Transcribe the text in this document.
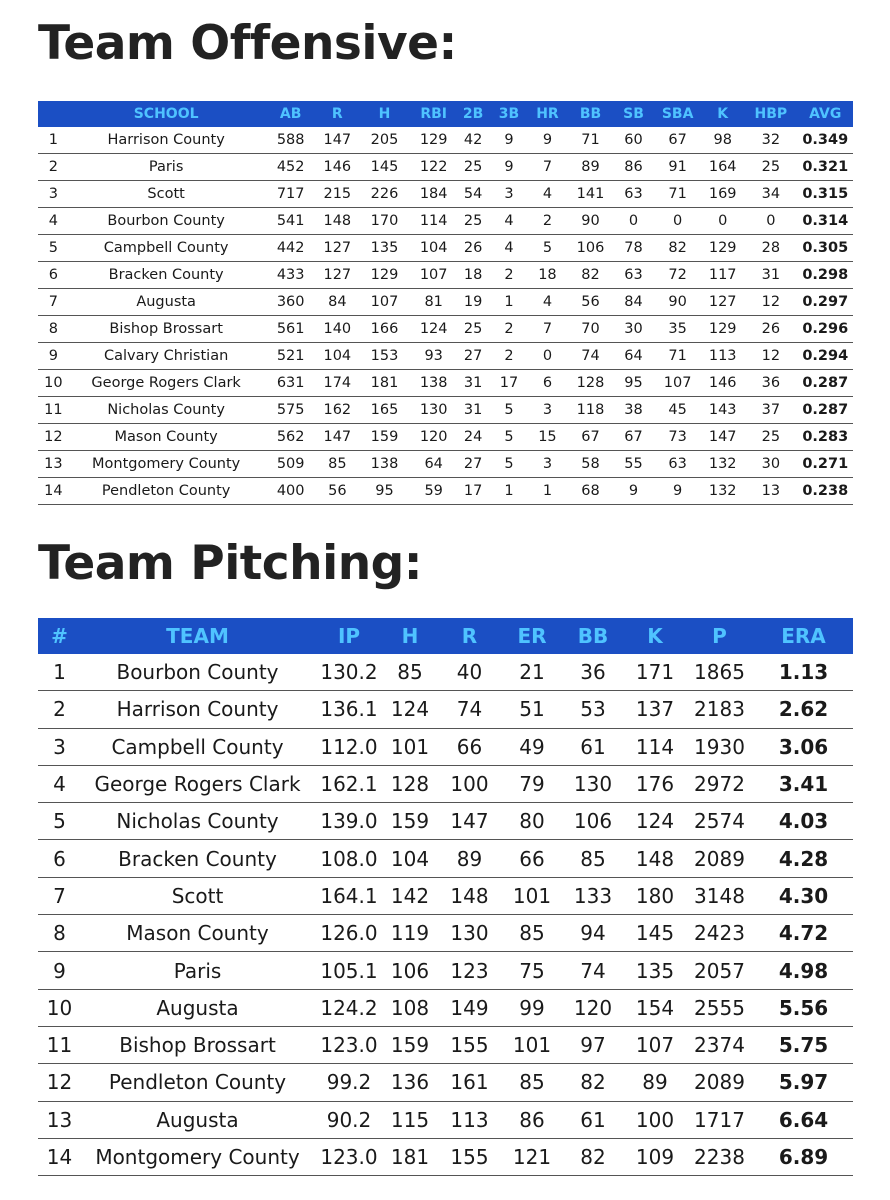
Team Offensive:
	SCHOOL	AB	R	H	RBI	2B	3B	HR	BB	SB	SBA	K	HBP	AVG
1	Harrison County	588	147	205	129	42	9	9	71	60	67	98	32	0.349
2	Paris	452	146	145	122	25	9	7	89	86	91	164	25	0.321
3	Scott	717	215	226	184	54	3	4	141	63	71	169	34	0.315
4	Bourbon County	541	148	170	114	25	4	2	90	0	0	0	0	0.314
5	Campbell County	442	127	135	104	26	4	5	106	78	82	129	28	0.305
6	Bracken County	433	127	129	107	18	2	18	82	63	72	117	31	0.298
7	Augusta	360	84	107	81	19	1	4	56	84	90	127	12	0.297
8	Bishop Brossart	561	140	166	124	25	2	7	70	30	35	129	26	0.296
9	Calvary Christian	521	104	153	93	27	2	0	74	64	71	113	12	0.294
10	George Rogers Clark	631	174	181	138	31	17	6	128	95	107	146	36	0.287
11	Nicholas County	575	162	165	130	31	5	3	118	38	45	143	37	0.287
12	Mason County	562	147	159	120	24	5	15	67	67	73	147	25	0.283
13	Montgomery County	509	85	138	64	27	5	3	58	55	63	132	30	0.271
14	Pendleton County	400	56	95	59	17	1	1	68	9	9	132	13	0.238
Team Pitching:
#	TEAM	IP	H	R	ER	BB	K	P	ERA
1	Bourbon County	130.2	85	40	21	36	171	1865	1.13
2	Harrison County	136.1	124	74	51	53	137	2183	2.62
3	Campbell County	112.0	101	66	49	61	114	1930	3.06
4	George Rogers Clark	162.1	128	100	79	130	176	2972	3.41
5	Nicholas County	139.0	159	147	80	106	124	2574	4.03
6	Bracken County	108.0	104	89	66	85	148	2089	4.28
7	Scott	164.1	142	148	101	133	180	3148	4.30
8	Mason County	126.0	119	130	85	94	145	2423	4.72
9	Paris	105.1	106	123	75	74	135	2057	4.98
10	Augusta	124.2	108	149	99	120	154	2555	5.56
11	Bishop Brossart	123.0	159	155	101	97	107	2374	5.75
12	Pendleton County	99.2	136	161	85	82	89	2089	5.97
13	Augusta	90.2	115	113	86	61	100	1717	6.64
14	Montgomery County	123.0	181	155	121	82	109	2238	6.89
